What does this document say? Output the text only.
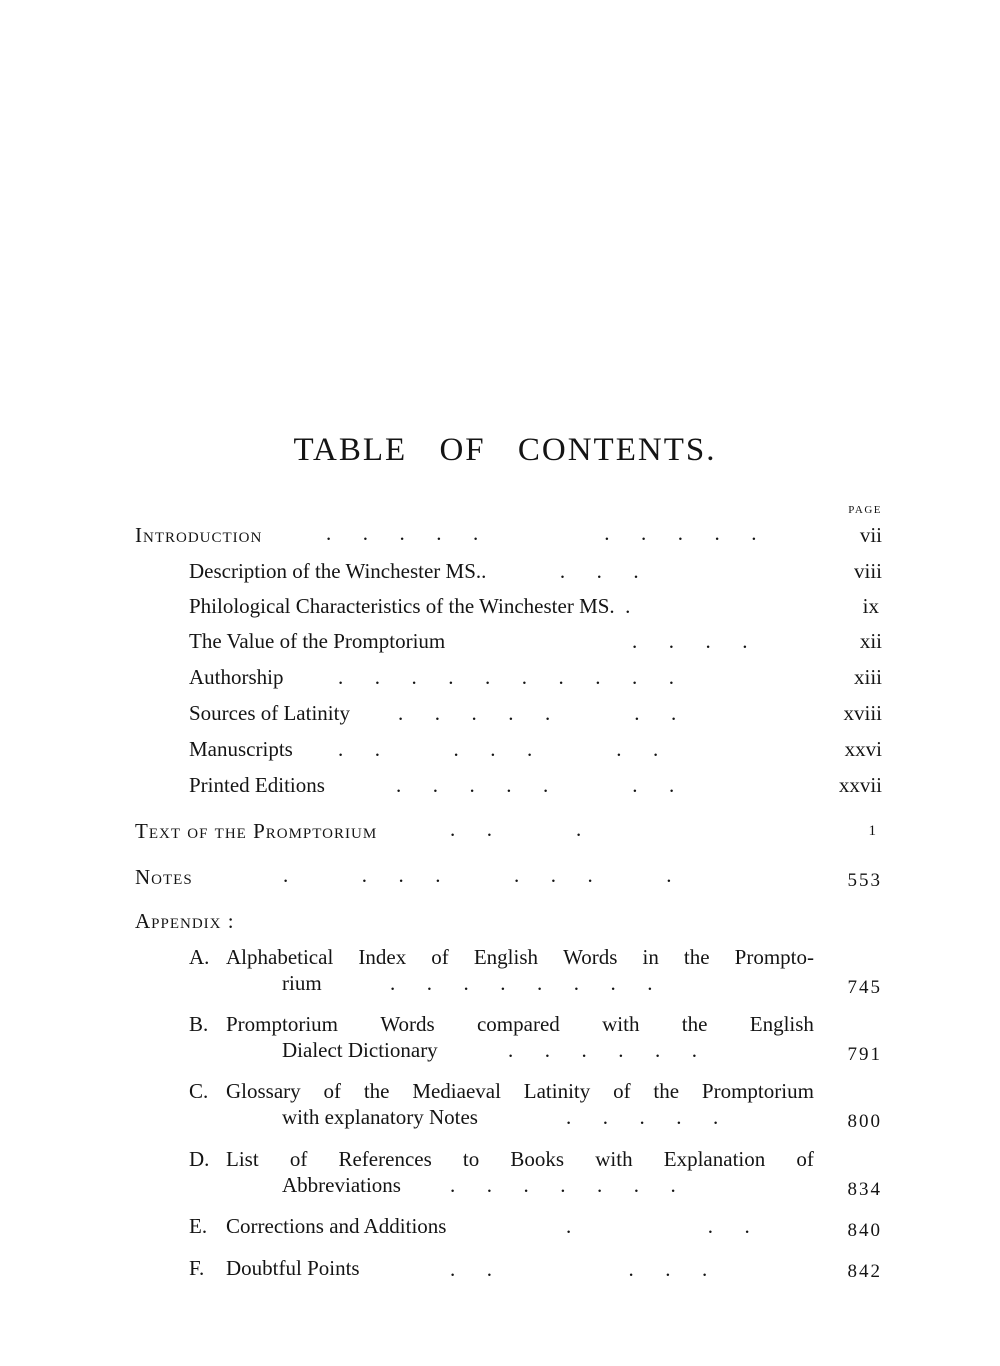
TABLE OF CONTENTS.
PAGE
Introduction	.  .  .  .  .      .  .  .  .  .	vii
Description of the Winchester MS..    .  .  .	viii
Philological Characteristics of the Winchester MS. .	ix
The Value of the Promptorium	.  .  .  .	xii
Authorship	.  .  .  .  .  .  .  .  .  .	xiii
Sources of Latinity .  .  .  .  .     .  .	xviii
Manuscripts .  .    .  .  .     .  .	xxvi
Printed Editions	.  .  .  .  .     .  .	xxvii
Text of the Promptorium	.  .     .	1
Notes	.    .  .  .    .  .  .    .	553
Appendix :
A. Alphabetical Index of English Words in the Prompto-
rium	.  .  .  .  .  .  .  .	745
B. Promptorium Words compared with the English
Dialect Dictionary	.  .  .  .  .  .	791
C. Glossary of the Mediaeval Latinity of the Promptorium
with explanatory Notes	.  .  .  .  .	800
D. List of References to Books with Explanation of
Abbreviations .  .  .  .  .  .  .	834
E. Corrections and Additions	.        .  .	840
F.	Doubtful Points	.  .        .  .  .	842
